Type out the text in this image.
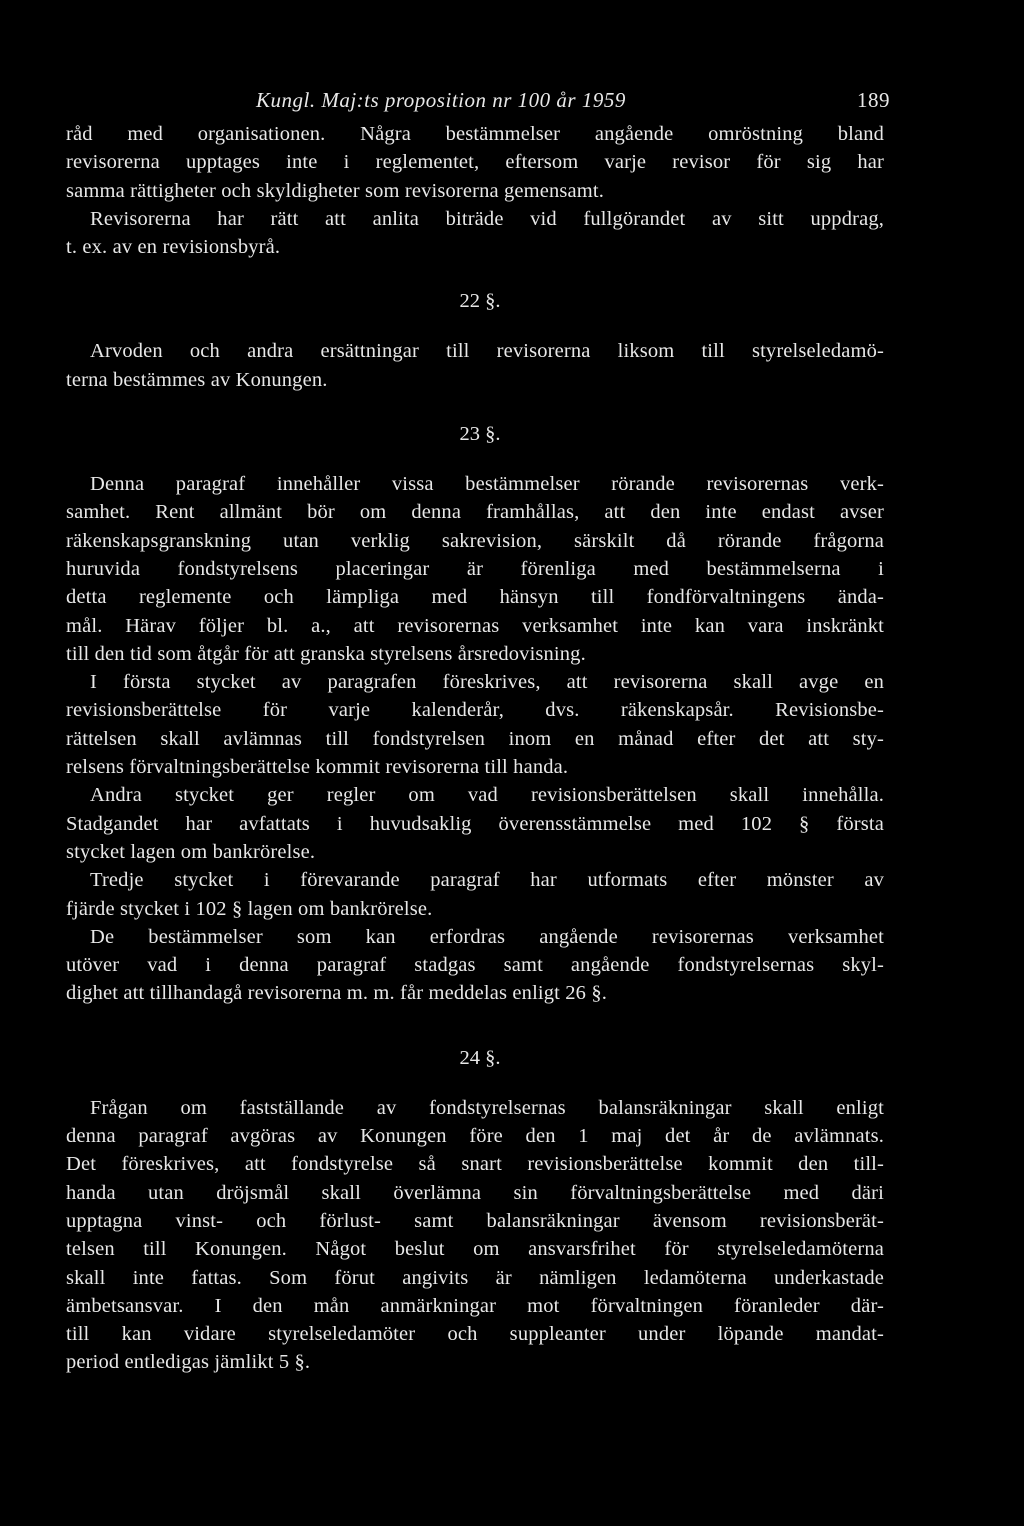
Kungl. Maj:ts proposition nr 100 år 1959	189
råd med organisationen. Några bestämmelser angående omröstning bland
revisorerna upptages inte i reglementet, eftersom varje revisor för sig har
samma rättigheter och skyldigheter som revisorerna gemensamt.
Revisorerna har rätt att anlita biträde vid fullgörandet av sitt uppdrag,
t. ex. av en revisionsbyrå.
22 §.
Arvoden och andra ersättningar till revisorerna liksom till styrelseledamö-
terna bestämmes av Konungen.
23 §.
Denna paragraf innehåller vissa bestämmelser rörande revisorernas verk-
samhet. Rent allmänt bör om denna framhållas, att den inte endast avser
räkenskapsgranskning utan verklig sakrevision, särskilt då rörande frågorna
huruvida fondstyrelsens placeringar är förenliga med bestämmelserna i
detta reglemente och lämpliga med hänsyn till fondförvaltningens ända-
mål. Härav följer bl. a., att revisorernas verksamhet inte kan vara inskränkt
till den tid som åtgår för att granska styrelsens årsredovisning.
I första stycket av paragrafen föreskrives, att revisorerna skall avge en
revisionsberättelse för varje kalenderår, dvs. räkenskapsår. Revisionsbe-
rättelsen skall avlämnas till fondstyrelsen inom en månad efter det att sty-
relsens förvaltningsberättelse kommit revisorerna till handa.
Andra stycket ger regler om vad revisionsberättelsen skall innehålla.
Stadgandet har avfattats i huvudsaklig överensstämmelse med 102 § första
stycket lagen om bankrörelse.
Tredje stycket i förevarande paragraf har utformats efter mönster av
fjärde stycket i 102 § lagen om bankrörelse.
De bestämmelser som kan erfordras angående revisorernas verksamhet
utöver vad i denna paragraf stadgas samt angående fondstyrelsernas skyl-
dighet att tillhandagå revisorerna m. m. får meddelas enligt 26 §.
24 §.
Frågan om fastställande av fondstyrelsernas balansräkningar skall enligt
denna paragraf avgöras av Konungen före den 1 maj det år de avlämnats.
Det föreskrives, att fondstyrelse så snart revisionsberättelse kommit den till-
handa utan dröjsmål skall överlämna sin förvaltningsberättelse med däri
upptagna vinst- och förlust- samt balansräkningar ävensom revisionsberät-
telsen till Konungen. Något beslut om ansvarsfrihet för styrelseledamöterna
skall inte fattas. Som förut angivits är nämligen ledamöterna underkastade
ämbetsansvar. I den mån anmärkningar mot förvaltningen föranleder där-
till kan vidare styrelseledamöter och suppleanter under löpande mandat-
period entledigas jämlikt 5 §.
